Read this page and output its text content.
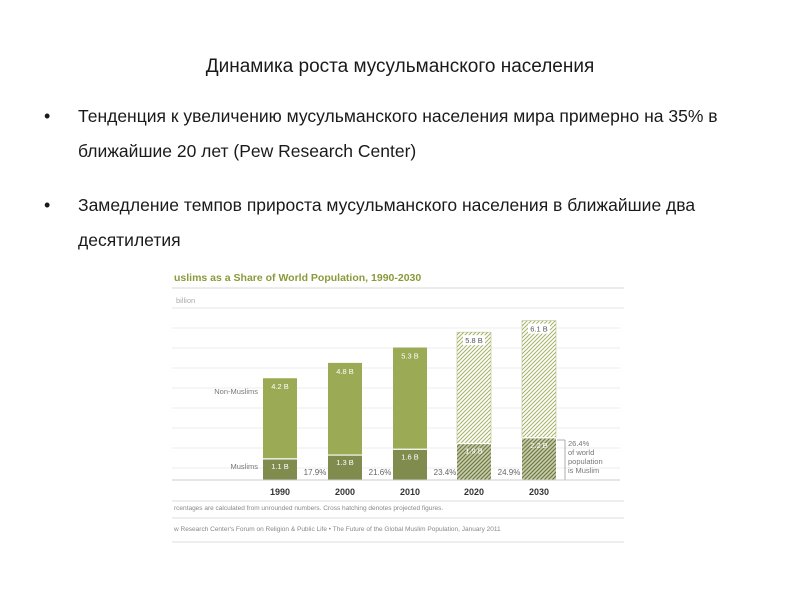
Динамика роста мусульманского населения
• Тенденция к увеличению мусульманского населения мира примерно на 35% в ближайшие 20 лет (Pew Research Center)
• Замедление темпов прироста мусульманского населения в ближайшие два десятилетия
uslims as a Share of World Population, 1990-2030
billion
4.2 B
1.1 B
1990
17.9%
4.8 B
1.3 B
2000
21.6%
5.3 B
1.6 B
2010
23.4%
5.8 B
1.9 B
2020
24.9%
6.1 B
2.2 B
2030
Non-Muslims
Muslims
26.4%
of world
population
is Muslim
rcentages are calculated from unrounded numbers. Cross hatching denotes projected figures.
w Research Center's Forum on Religion & Public Life • The Future of the Global Muslim Population, January 2011
